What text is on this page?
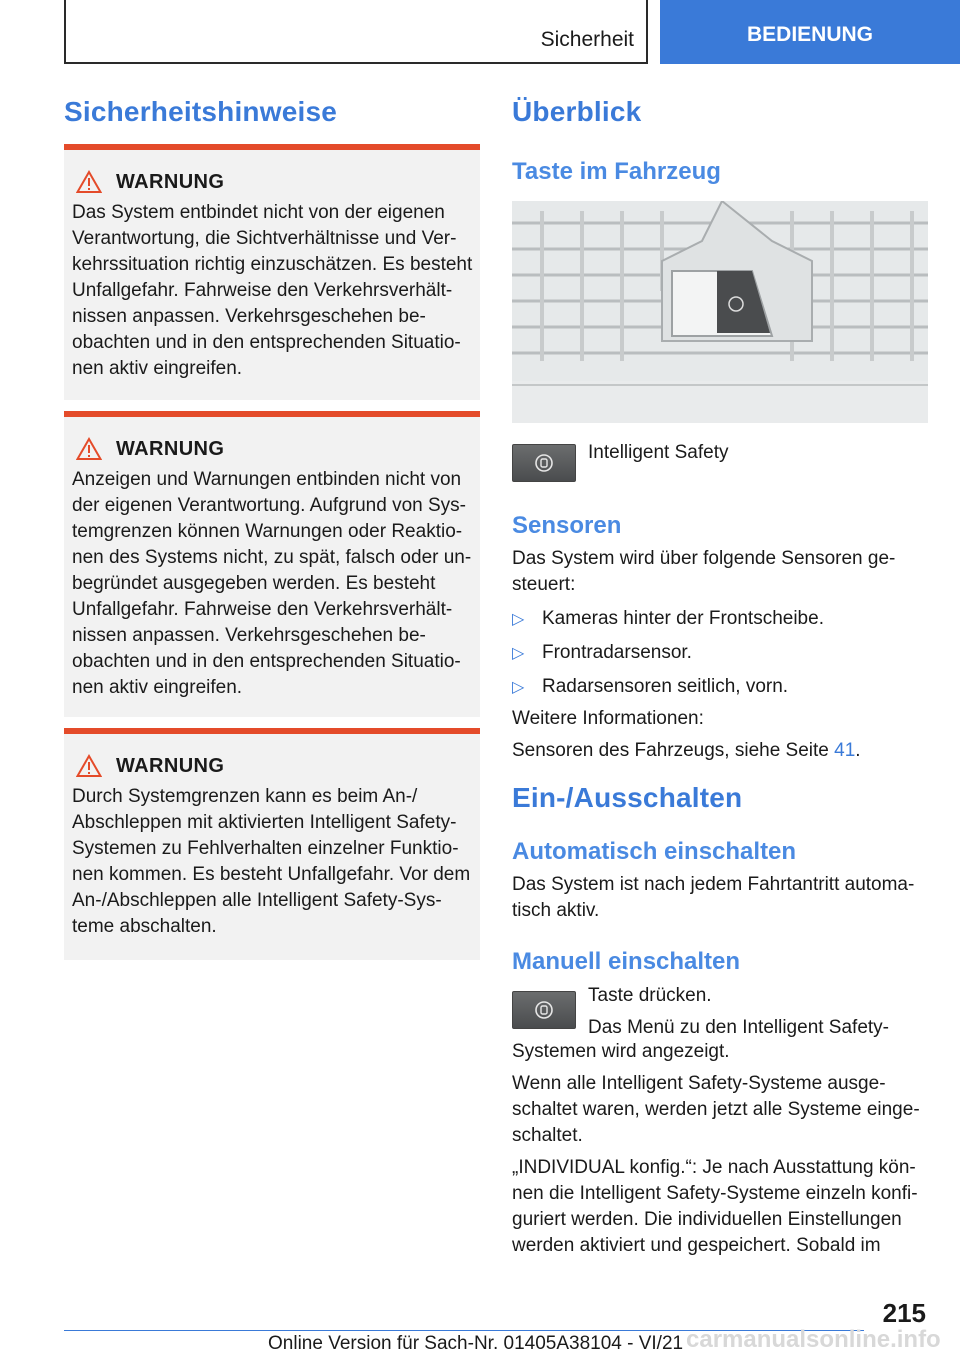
Sicherheit	BEDIENUNG
Sicherheitshinweise
WARNUNG
Das System entbindet nicht von der eigenen
Verantwortung, die Sichtverhältnisse und Ver-
kehrssituation richtig einzuschätzen. Es besteht
Unfallgefahr. Fahrweise den Verkehrsverhält-
nissen anpassen. Verkehrsgeschehen be-
obachten und in den entsprechenden Situatio-
nen aktiv eingreifen.
WARNUNG
Anzeigen und Warnungen entbinden nicht von
der eigenen Verantwortung. Aufgrund von Sys-
temgrenzen können Warnungen oder Reaktio-
nen des Systems nicht, zu spät, falsch oder un-
begründet ausgegeben werden. Es besteht
Unfallgefahr. Fahrweise den Verkehrsverhält-
nissen anpassen. Verkehrsgeschehen be-
obachten und in den entsprechenden Situatio-
nen aktiv eingreifen.
WARNUNG
Durch Systemgrenzen kann es beim An-/
Abschleppen mit aktivierten Intelligent Safety-
Systemen zu Fehlverhalten einzelner Funktio-
nen kommen. Es besteht Unfallgefahr. Vor dem
An-/Abschleppen alle Intelligent Safety-Sys-
teme abschalten.
Überblick
Taste im Fahrzeug
Intelligent Safety
Sensoren
Das System wird über folgende Sensoren ge-
steuert:
▷ Kameras hinter der Frontscheibe.
▷ Frontradarsensor.
▷ Radarsensoren seitlich, vorn.
Weitere Informationen:
Sensoren des Fahrzeugs, siehe Seite 41.
Ein-/Ausschalten
Automatisch einschalten
Das System ist nach jedem Fahrtantritt automa-
tisch aktiv.
Manuell einschalten
Taste drücken.
Das Menü zu den Intelligent Safety-
Systemen wird angezeigt.
Wenn alle Intelligent Safety-Systeme ausge-
schaltet waren, werden jetzt alle Systeme einge-
schaltet.
„INDIVIDUAL konfig.“: Je nach Ausstattung kön-
nen die Intelligent Safety-Systeme einzeln konfi-
guriert werden. Die individuellen Einstellungen
werden aktiviert und gespeichert. Sobald im
215
Online Version für Sach-Nr. 01405A38104 - VI/21 carmanualsonline.info
